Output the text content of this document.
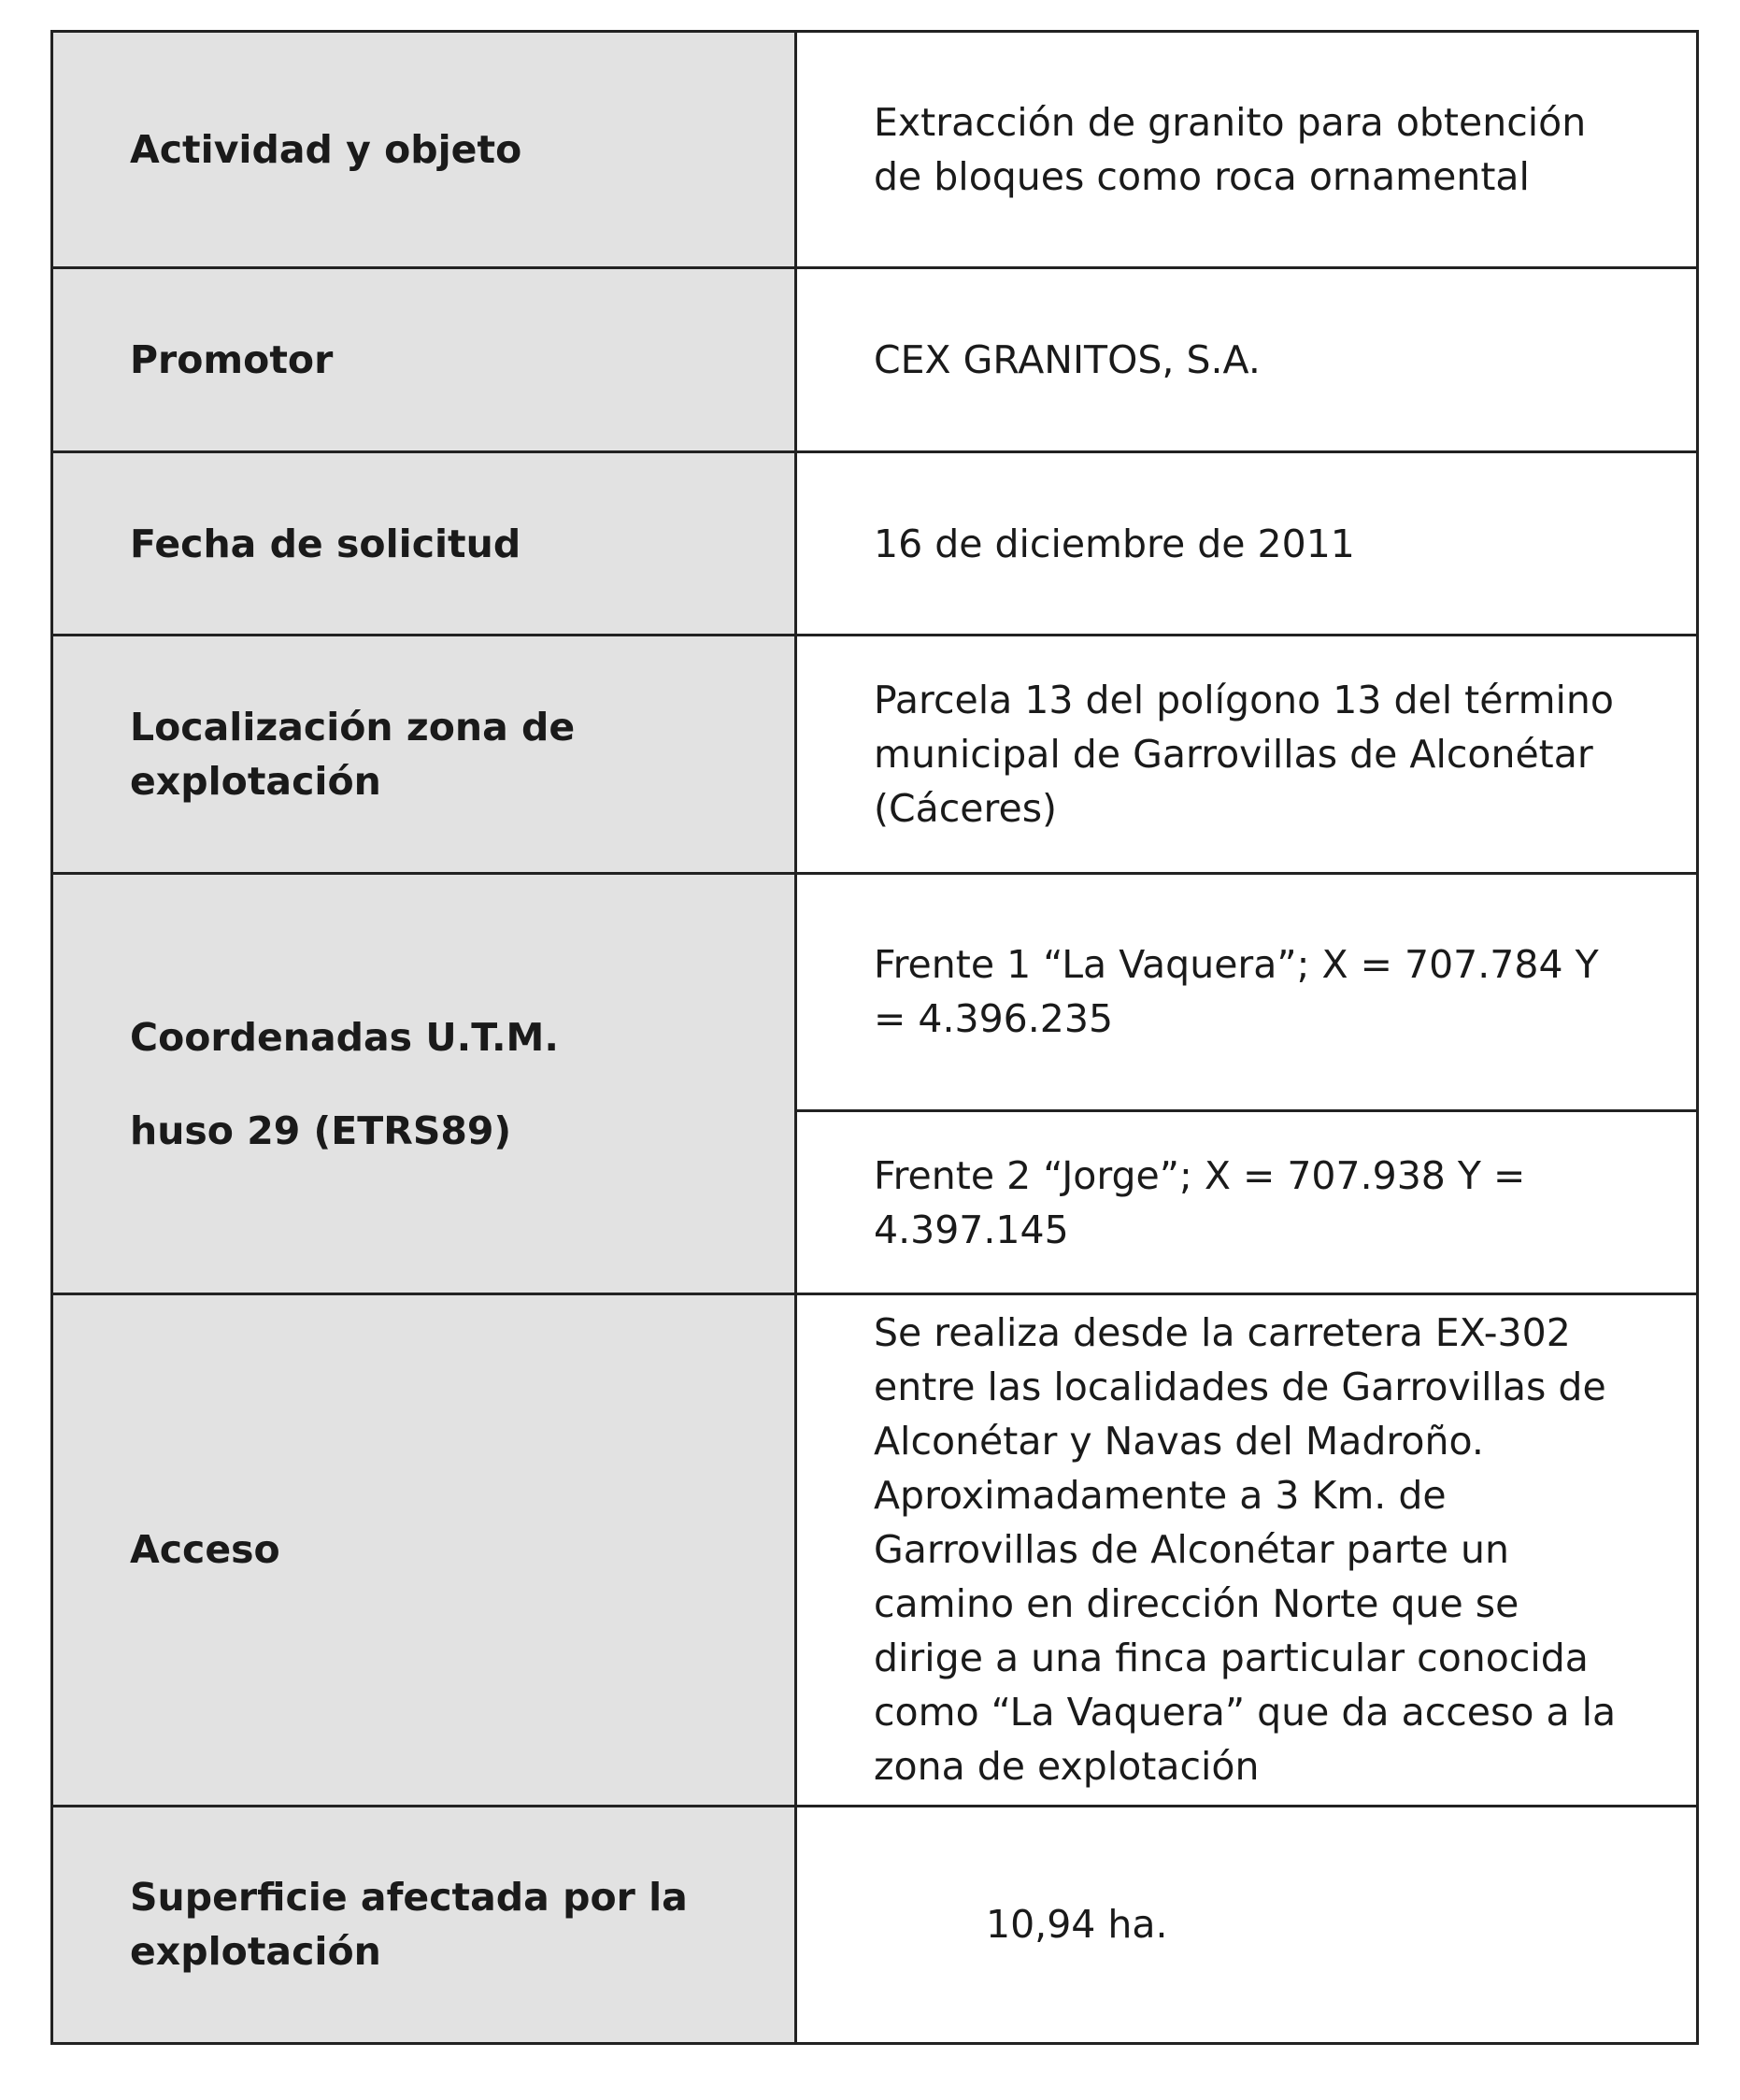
Actividad y objeto	Extracción de granito para obtención de bloques como roca ornamental

Promotor	CEX GRANITOS, S.A.

Fecha de solicitud	16 de diciembre de 2011

Localización zona de explotación	Parcela 13 del polígono 13 del término municipal de Garrovillas de Alconétar (Cáceres)

Coordenadas U.T.M.

huso 29 (ETRS89)	Frente 1 “La Vaquera”; X = 707.784 Y = 4.396.235

	Frente 2 “Jorge”; X = 707.938 Y = 4.397.145

Acceso	Se realiza desde la carretera EX-302 entre las localidades de Garrovillas de Alconétar y Navas del Madroño. Aproximadamente a 3 Km. de Garrovillas de Alconétar parte un camino en dirección Norte que se dirige a una finca particular conocida como “La Vaquera” que da acceso a la zona de explotación

Superficie afectada por la explotación	10,94 ha.
